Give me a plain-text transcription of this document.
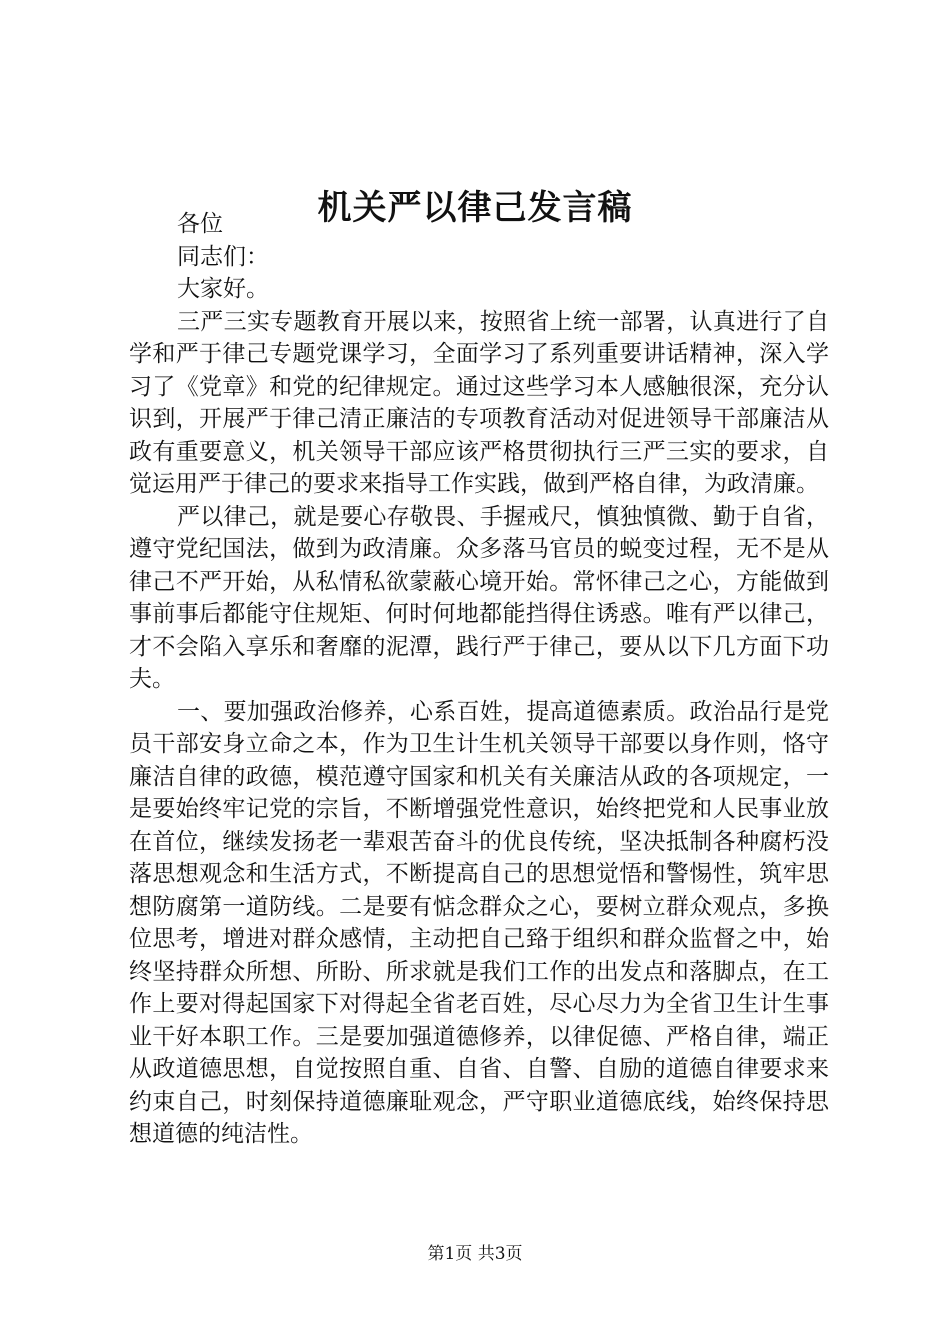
机关严以律己发言稿

各位

同志们：

大家好。

三严三实专题教育开展以来，按照省上统一部署，认真进行了自学和严于律己专题党课学习，全面学习了系列重要讲话精神，深入学习了《党章》和党的纪律规定。通过这些学习本人感触很深，充分认识到，开展严于律己清正廉洁的专项教育活动对促进领导干部廉洁从政有重要意义，机关领导干部应该严格贯彻执行三严三实的要求，自觉运用严于律己的要求来指导工作实践，做到严格自律，为政清廉。

严以律己，就是要心存敬畏、手握戒尺，慎独慎微、勤于自省，遵守党纪国法，做到为政清廉。众多落马官员的蜕变过程，无不是从律己不严开始，从私情私欲蒙蔽心境开始。常怀律己之心，方能做到事前事后都能守住规矩、何时何地都能挡得住诱惑。唯有严以律己，才不会陷入享乐和奢靡的泥潭，践行严于律己，要从以下几方面下功夫。

一、要加强政治修养，心系百姓，提高道德素质。政治品行是党员干部安身立命之本，作为卫生计生机关领导干部要以身作则，恪守廉洁自律的政德，模范遵守国家和机关有关廉洁从政的各项规定，一是要始终牢记党的宗旨，不断增强党性意识，始终把党和人民事业放在首位，继续发扬老一辈艰苦奋斗的优良传统，坚决抵制各种腐朽没落思想观念和生活方式，不断提高自己的思想觉悟和警惕性，筑牢思想防腐第一道防线。二是要有惦念群众之心，要树立群众观点，多换位思考，增进对群众感情，主动把自己臵于组织和群众监督之中，始终坚持群众所想、所盼、所求就是我们工作的出发点和落脚点，在工作上要对得起国家下对得起全省老百姓，尽心尽力为全省卫生计生事业干好本职工作。三是要加强道德修养，以律促德、严格自律，端正从政道德思想，自觉按照自重、自省、自警、自励的道德自律要求来约束自己，时刻保持道德廉耻观念，严守职业道德底线，始终保持思想道德的纯洁性。

第1页 共3页
